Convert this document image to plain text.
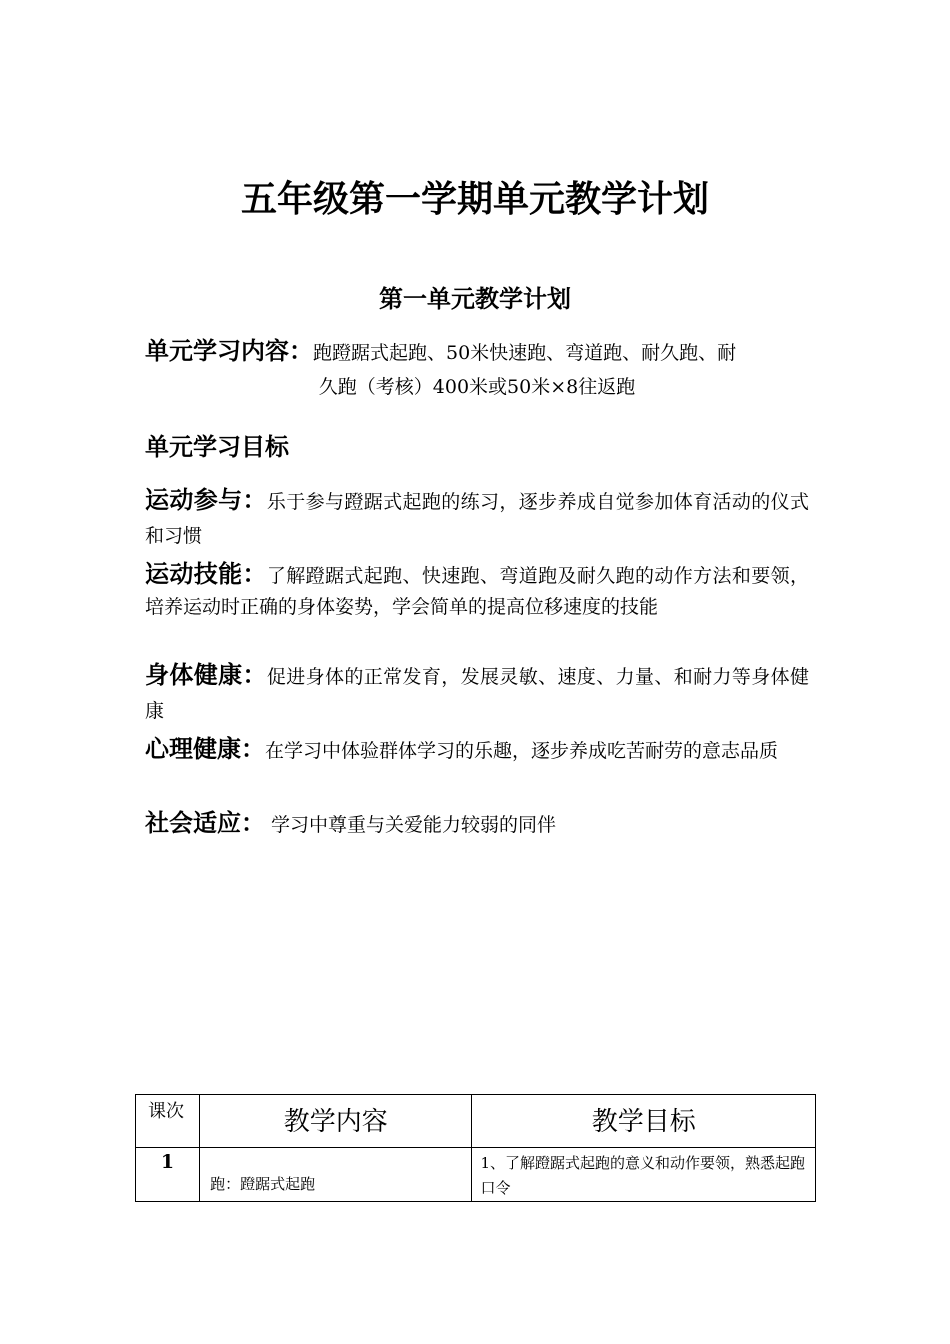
五年级第一学期单元教学计划
第一单元教学计划

单元学习内容：跑蹬踞式起跑、50米快速跑、弯道跑、耐久跑、耐
久跑（考核）400米或50米×8往返跑

单元学习目标

运动参与：乐于参与蹬踞式起跑的练习，逐步养成自觉参加体育活动的仪式和习惯

运动技能：了解蹬踞式起跑、快速跑、弯道跑及耐久跑的动作方法和要领，培养运动时正确的身体姿势，学会简单的提高位移速度的技能

身体健康：促进身体的正常发育，发展灵敏、速度、力量、和耐力等身体健康

心理健康：在学习中体验群体学习的乐趣，逐步养成吃苦耐劳的意志品质

社会适应： 学习中尊重与关爱能力较弱的同伴

课次	教学内容	教学目标
1	跑：蹬踞式起跑	1、了解蹬踞式起跑的意义和动作要领，熟悉起跑口令
